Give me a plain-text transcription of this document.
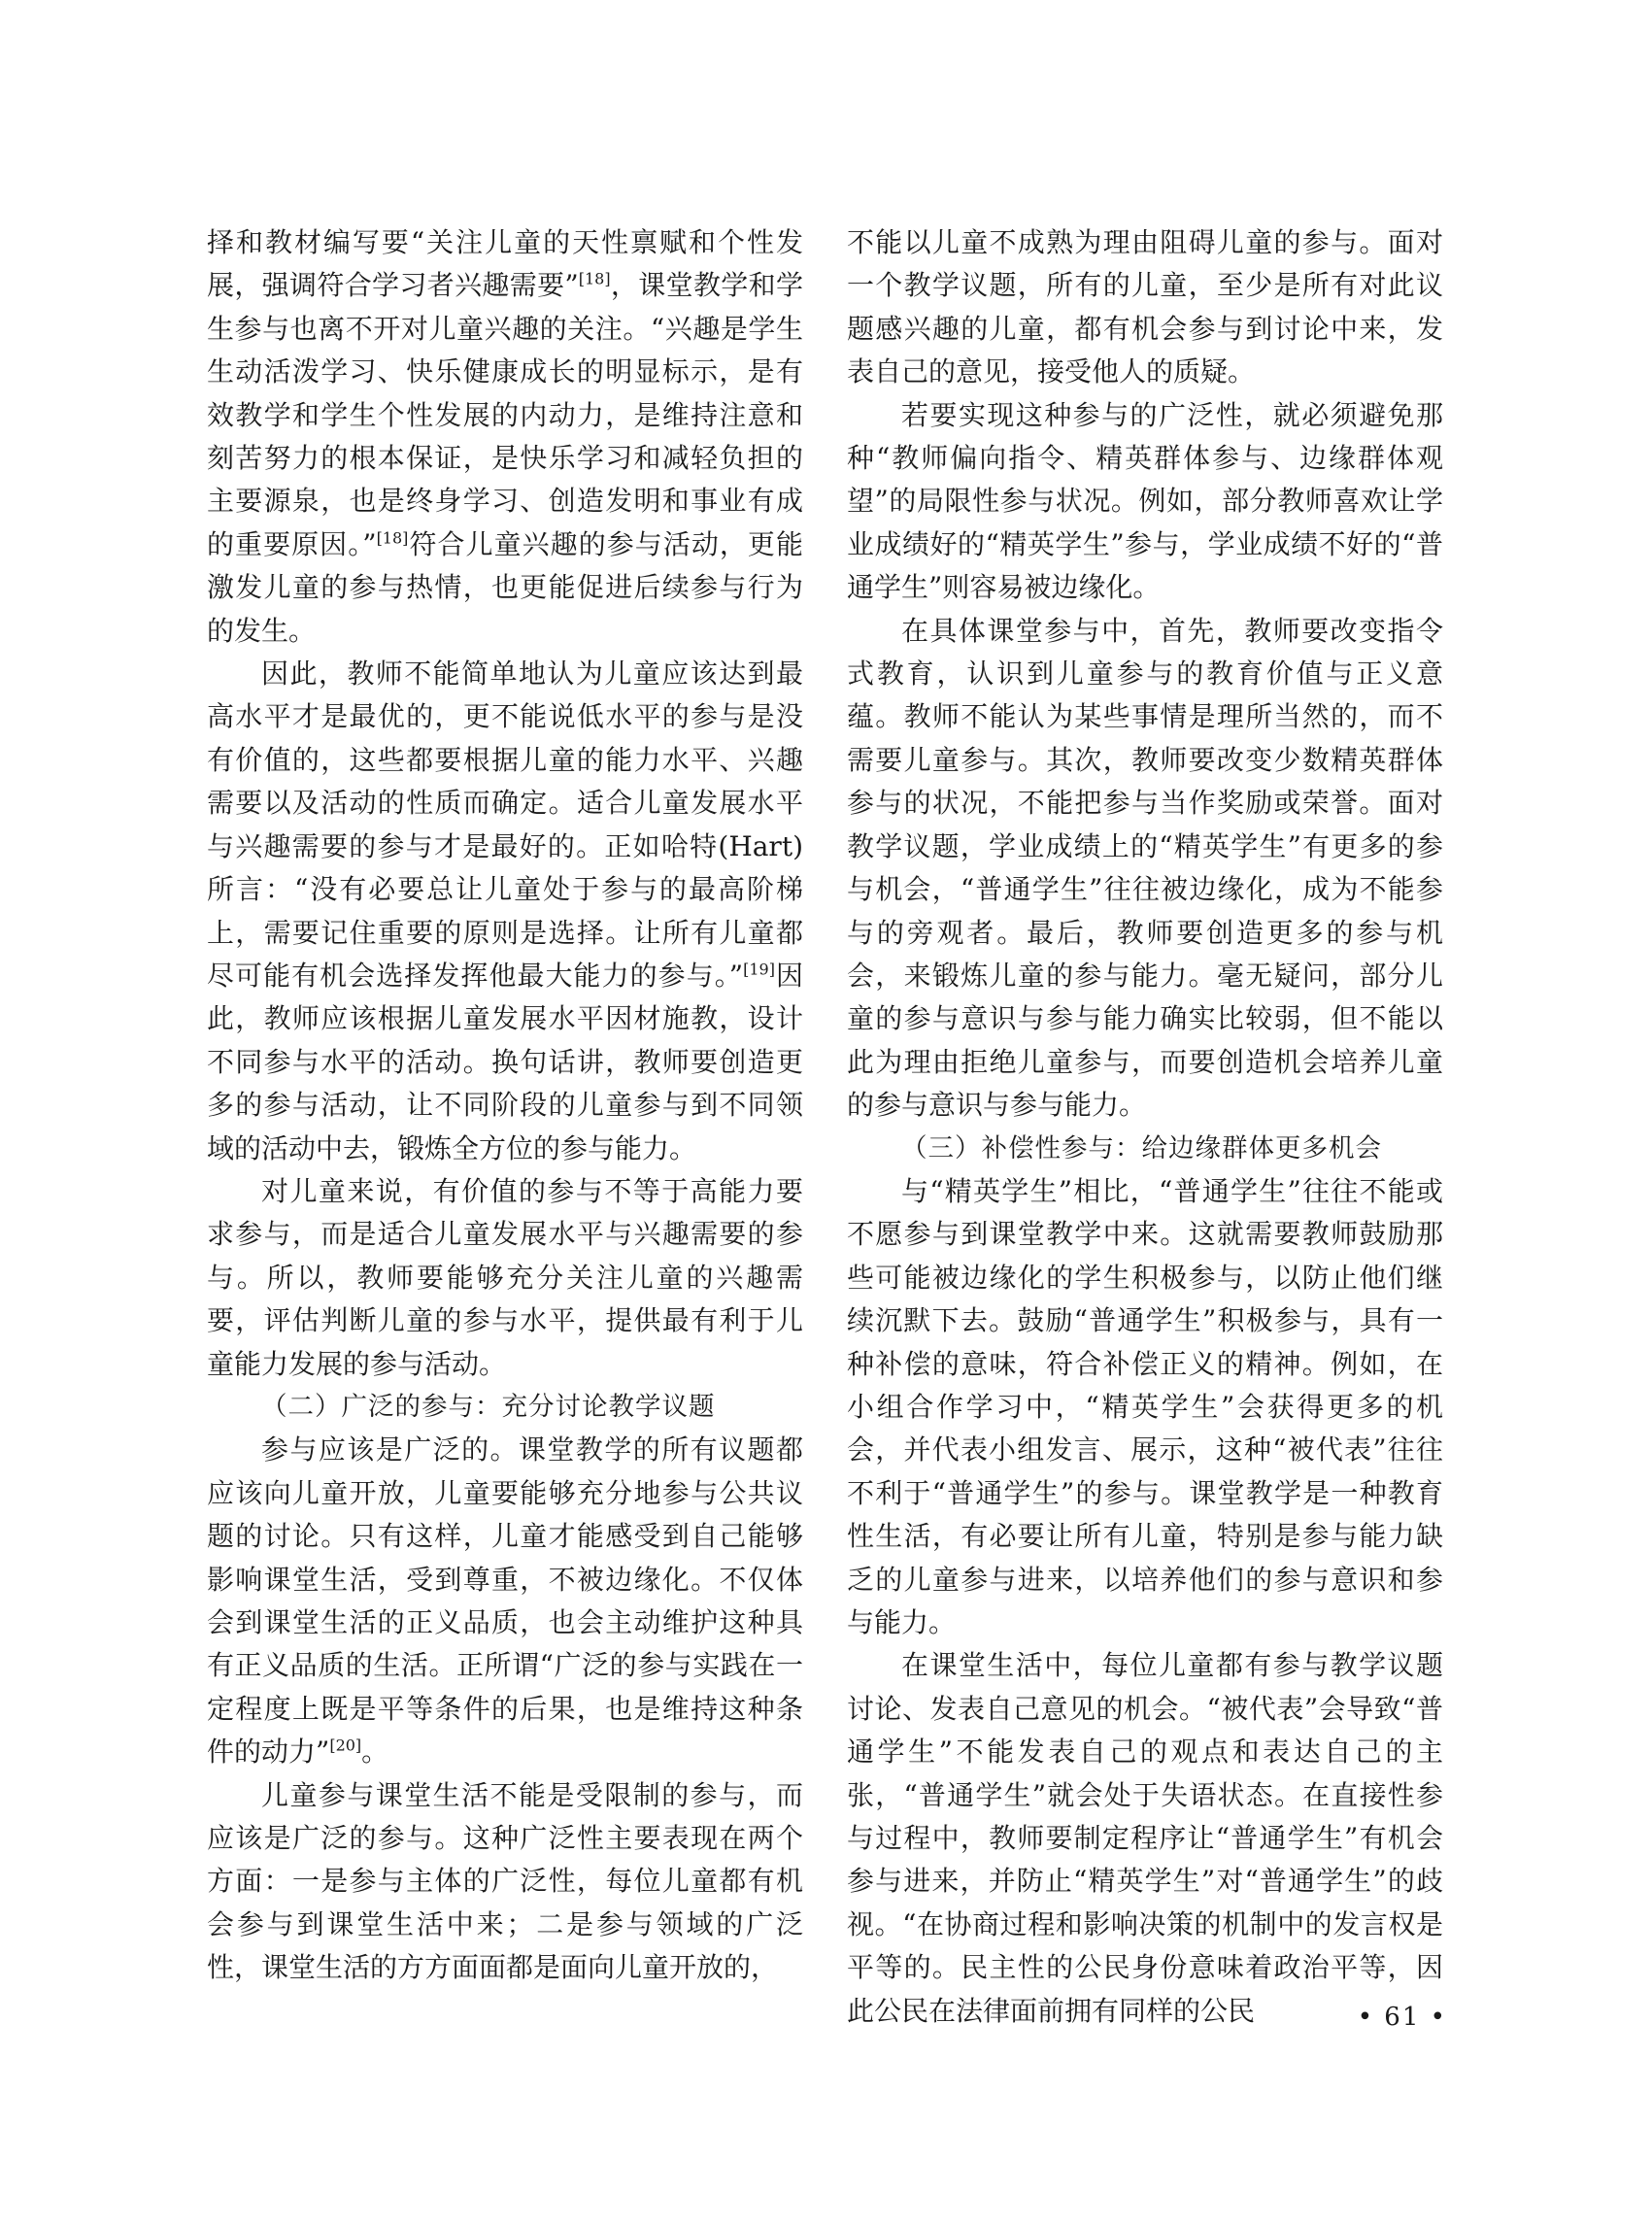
择和教材编写要“关注儿童的天性禀赋和个性发展，强调符合学习者兴趣需要”[18]，课堂教学和学生参与也离不开对儿童兴趣的关注。“兴趣是学生生动活泼学习、快乐健康成长的明显标示，是有效教学和学生个性发展的内动力，是维持注意和刻苦努力的根本保证，是快乐学习和减轻负担的主要源泉，也是终身学习、创造发明和事业有成的重要原因。”[18]符合儿童兴趣的参与活动，更能激发儿童的参与热情，也更能促进后续参与行为的发生。

因此，教师不能简单地认为儿童应该达到最高水平才是最优的，更不能说低水平的参与是没有价值的，这些都要根据儿童的能力水平、兴趣需要以及活动的性质而确定。适合儿童发展水平与兴趣需要的参与才是最好的。正如哈特(Hart)所言：“没有必要总让儿童处于参与的最高阶梯上，需要记住重要的原则是选择。让所有儿童都尽可能有机会选择发挥他最大能力的参与。”[19]因此，教师应该根据儿童发展水平因材施教，设计不同参与水平的活动。换句话讲，教师要创造更多的参与活动，让不同阶段的儿童参与到不同领域的活动中去，锻炼全方位的参与能力。

对儿童来说，有价值的参与不等于高能力要求参与，而是适合儿童发展水平与兴趣需要的参与。所以，教师要能够充分关注儿童的兴趣需要，评估判断儿童的参与水平，提供最有利于儿童能力发展的参与活动。

（二）广泛的参与：充分讨论教学议题

参与应该是广泛的。课堂教学的所有议题都应该向儿童开放，儿童要能够充分地参与公共议题的讨论。只有这样，儿童才能感受到自己能够影响课堂生活，受到尊重，不被边缘化。不仅体会到课堂生活的正义品质，也会主动维护这种具有正义品质的生活。正所谓“广泛的参与实践在一定程度上既是平等条件的后果，也是维持这种条件的动力”[20]。

儿童参与课堂生活不能是受限制的参与，而应该是广泛的参与。这种广泛性主要表现在两个方面：一是参与主体的广泛性，每位儿童都有机会参与到课堂生活中来；二是参与领域的广泛性，课堂生活的方方面面都是面向儿童开放的，

不能以儿童不成熟为理由阻碍儿童的参与。面对一个教学议题，所有的儿童，至少是所有对此议题感兴趣的儿童，都有机会参与到讨论中来，发表自己的意见，接受他人的质疑。

若要实现这种参与的广泛性，就必须避免那种“教师偏向指令、精英群体参与、边缘群体观望”的局限性参与状况。例如，部分教师喜欢让学业成绩好的“精英学生”参与，学业成绩不好的“普通学生”则容易被边缘化。

在具体课堂参与中，首先，教师要改变指令式教育，认识到儿童参与的教育价值与正义意蕴。教师不能认为某些事情是理所当然的，而不需要儿童参与。其次，教师要改变少数精英群体参与的状况，不能把参与当作奖励或荣誉。面对教学议题，学业成绩上的“精英学生”有更多的参与机会，“普通学生”往往被边缘化，成为不能参与的旁观者。最后，教师要创造更多的参与机会，来锻炼儿童的参与能力。毫无疑问，部分儿童的参与意识与参与能力确实比较弱，但不能以此为理由拒绝儿童参与，而要创造机会培养儿童的参与意识与参与能力。

（三）补偿性参与：给边缘群体更多机会

与“精英学生”相比，“普通学生”往往不能或不愿参与到课堂教学中来。这就需要教师鼓励那些可能被边缘化的学生积极参与，以防止他们继续沉默下去。鼓励“普通学生”积极参与，具有一种补偿的意味，符合补偿正义的精神。例如，在小组合作学习中，“精英学生”会获得更多的机会，并代表小组发言、展示，这种“被代表”往往不利于“普通学生”的参与。课堂教学是一种教育性生活，有必要让所有儿童，特别是参与能力缺乏的儿童参与进来，以培养他们的参与意识和参与能力。

在课堂生活中，每位儿童都有参与教学议题讨论、发表自己意见的机会。“被代表”会导致“普通学生”不能发表自己的观点和表达自己的主张，“普通学生”就会处于失语状态。在直接性参与过程中，教师要制定程序让“普通学生”有机会参与进来，并防止“精英学生”对“普通学生”的歧视。“在协商过程和影响决策的机制中的发言权是平等的。民主性的公民身份意味着政治平等，因此公民在法律面前拥有同样的公民	• 61 •
